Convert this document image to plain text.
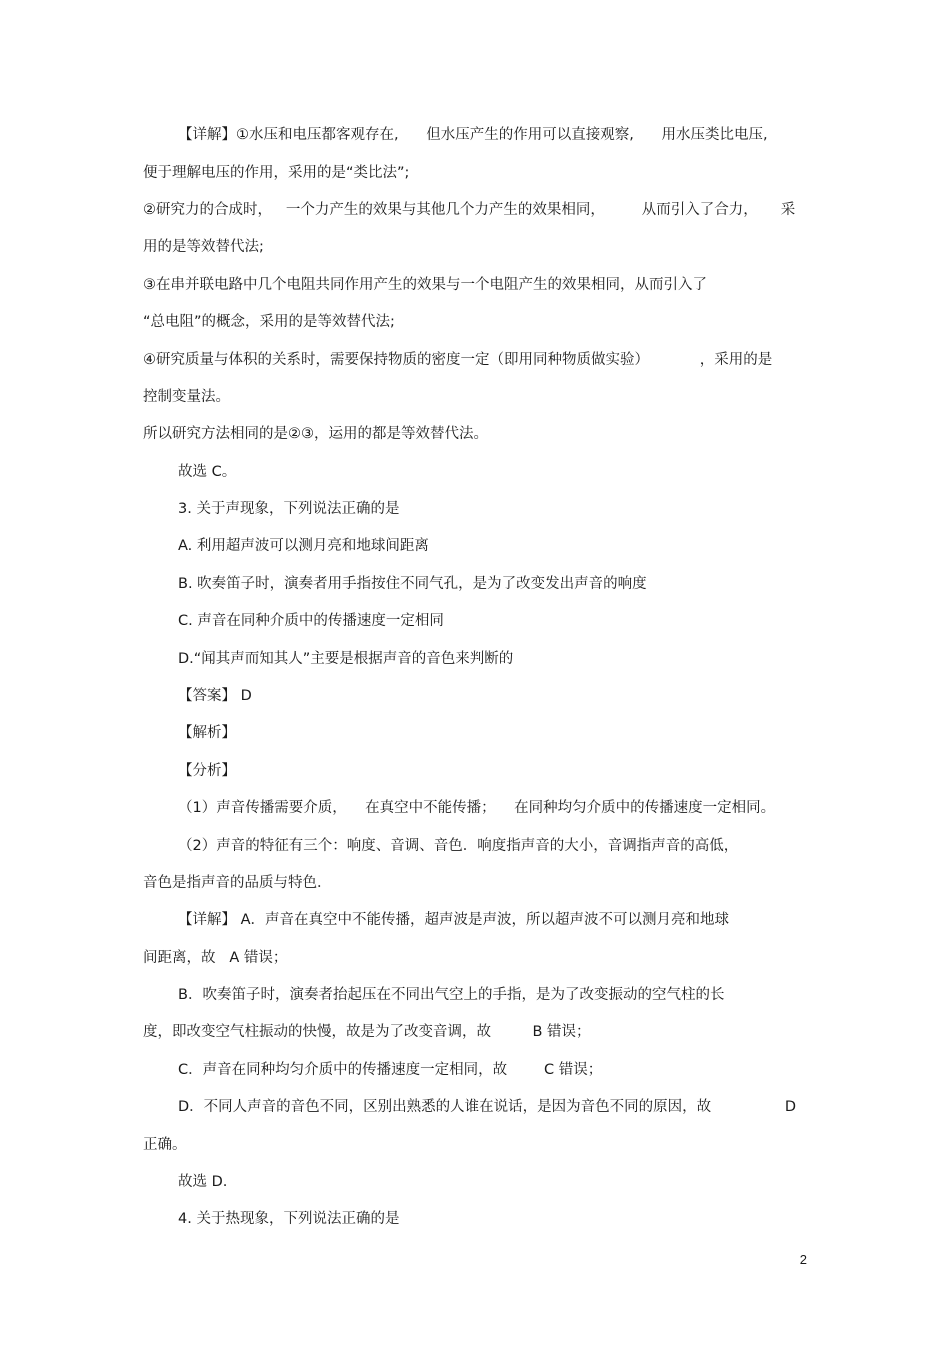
【详解】①水压和电压都客观存在,      但水压产生的作用可以直接观察,      用水压类比电压,
便于理解电压的作用，采用的是“类比法”;
②研究力的合成时，   一个力产生的效果与其他几个力产生的效果相同，        从而引入了合力，     采
用的是等效替代法;
③在串并联电路中几个电阻共同作用产生的效果与一个电阻产生的效果相同，从而引入了
“总电阻”的概念，采用的是等效替代法;
④研究质量与体积的关系时，需要保持物质的密度一定（即用同种物质做实验）           ，采用的是
控制变量法。
所以研究方法相同的是②③，运用的都是等效替代法。
故选 C。
3. 关于声现象，下列说法正确的是
A. 利用超声波可以测月亮和地球间距离
B. 吹奏笛子时，演奏者用手指按住不同气孔，是为了改变发出声音的响度
C. 声音在同种介质中的传播速度一定相同
D.“闻其声而知其人”主要是根据声音的音色来判断的
【答案】 D
【解析】
【分析】
（1）声音传播需要介质，    在真空中不能传播；    在同种均匀介质中的传播速度一定相同。
（2）声音的特征有三个：响度、音调、音色．响度指声音的大小，音调指声音的高低，
音色是指声音的品质与特色．
【详解】 A．声音在真空中不能传播，超声波是声波，所以超声波不可以测月亮和地球
间距离，故   A 错误；
B．吹奏笛子时，演奏者抬起压在不同出气空上的手指，是为了改变振动的空气柱的长
度，即改变空气柱振动的快慢，故是为了改变音调，故         B 错误；
C．声音在同种均匀介质中的传播速度一定相同，故        C 错误；
D．不同人声音的音色不同，区别出熟悉的人谁在说话，是因为音色不同的原因，故                D
正确。
故选 D.
4. 关于热现象，下列说法正确的是
2
